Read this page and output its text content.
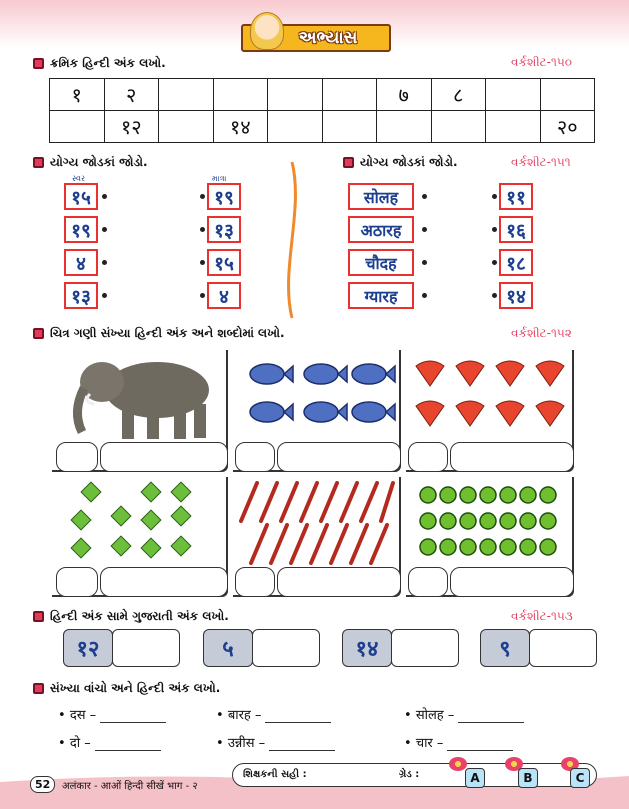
અભ્યાસ
ક્રમિક હિન્દી અંક લખો.	વર્કશીટ-૧૫૦
१	२					७	८		
	१२		१४						२०
યોગ્ય જોડકાં જોડો.
સ્વર	માત્રા
१५
१९
४
१३
१९
१३
१५
४
યોગ્ય જોડકાં જોડો.	વર્કશીટ-૧૫૧
सोलह
अठारह
चौदह
ग्यारह
११
१६
१८
१४
ચિત્ર ગણી સંખ્યા હિન્દી અંક અને શબ્દોમાં લખો.	વર્કશીટ-૧૫૨
હિન્દી અંક સામે ગુજરાતી અંક લખો.	વર્કશીટ-૧૫૩
१२	५	१४	९
સંખ્યા વાંચો અને હિન્દી અંક લખો.
• दस –	• बारह –	• सोलह –
• दो –	• उन्नीस –	• चार –
52	अलंकार - आओं हिन्दी सीखें भाग - २
શિક્ષકની સહી :	ગ્રેડ :	A	B	C
